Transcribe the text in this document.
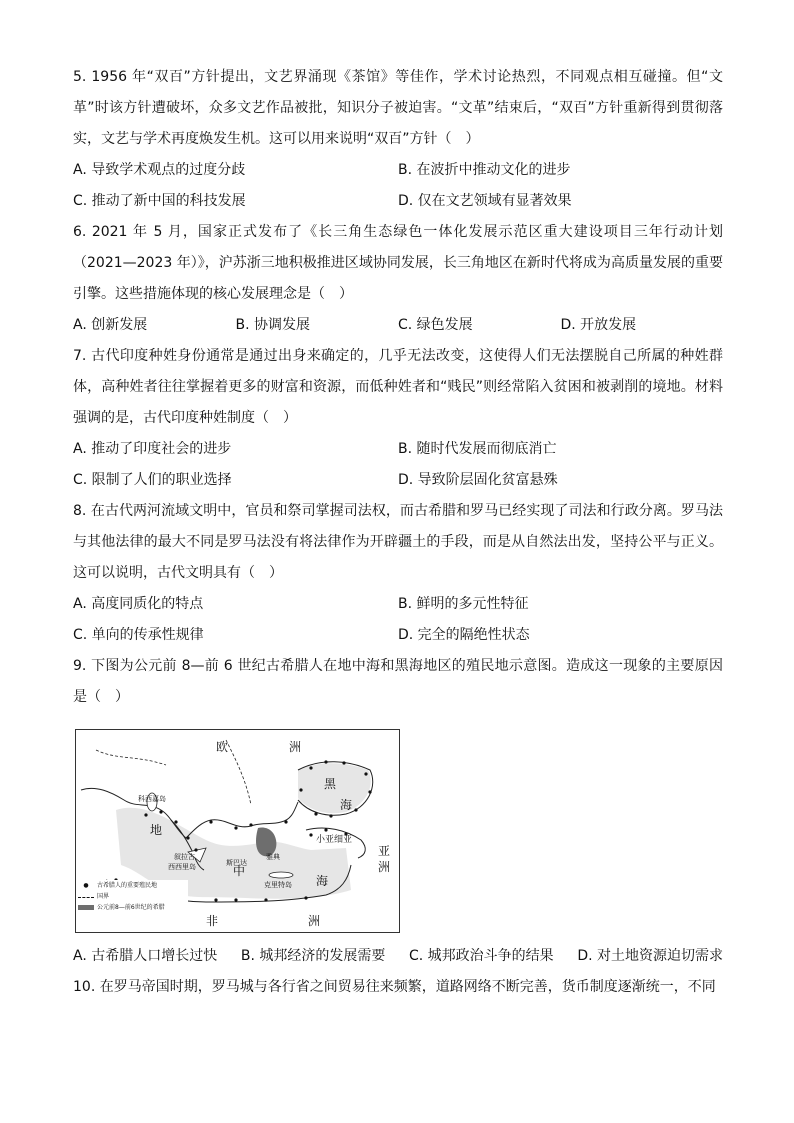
5. 1956 年“双百”方针提出，文艺界涌现《茶馆》等佳作，学术讨论热烈，不同观点相互碰撞。但“文革”时该方针遭破坏，众多文艺作品被批，知识分子被迫害。“文革”结束后，“双百”方针重新得到贯彻落实，文艺与学术再度焕发生机。这可以用来说明“双百”方针（　）

A. 导致学术观点的过度分歧	B. 在波折中推动文化的进步
C. 推动了新中国的科技发展	D. 仅在文艺领域有显著效果

6. 2021 年 5 月，国家正式发布了《长三角生态绿色一体化发展示范区重大建设项目三年行动计划（2021—2023 年）》，沪苏浙三地积极推进区域协同发展，长三角地区在新时代将成为高质量发展的重要引擎。这些措施体现的核心发展理念是（　）

A. 创新发展	B. 协调发展	C. 绿色发展	D. 开放发展

7. 古代印度种姓身份通常是通过出身来确定的，几乎无法改变，这使得人们无法摆脱自己所属的种姓群体，高种姓者往往掌握着更多的财富和资源，而低种姓者和“贱民”则经常陷入贫困和被剥削的境地。材料强调的是，古代印度种姓制度（　）

A. 推动了印度社会的进步	B. 随时代发展而彻底消亡
C. 限制了人们的职业选择	D. 导致阶层固化贫富悬殊

8. 在古代两河流域文明中，官员和祭司掌握司法权，而古希腊和罗马已经实现了司法和行政分离。罗马法与其他法律的最大不同是罗马法没有将法律作为开辟疆土的手段，而是从自然法出发，坚持公平与正义。这可以说明，古代文明具有（　）

A. 高度同质化的特点	B. 鲜明的多元性特征
C. 单向的传承性规律	D. 完全的隔绝性状态

9. 下图为公元前 8—前 6 世纪古希腊人在地中海和黑海地区的殖民地示意图。造成这一现象的主要原因是（　）

欧	洲
黑
海
亚
洲
地
中
海
非	洲
科西嘉岛
叙拉古
西西里岛	斯巴达
雅典
克里特岛
小亚细亚
●	古希腊人的重要殖民地
国界
公元前8—前6世纪的希腊
A. 古希腊人口增长过快 B. 城邦经济的发展需要 C. 城邦政治斗争的结果 D. 对土地资源迫切需求

10. 在罗马帝国时期，罗马城与各行省之间贸易往来频繁，道路网络不断完善，货币制度逐渐统一，不同
